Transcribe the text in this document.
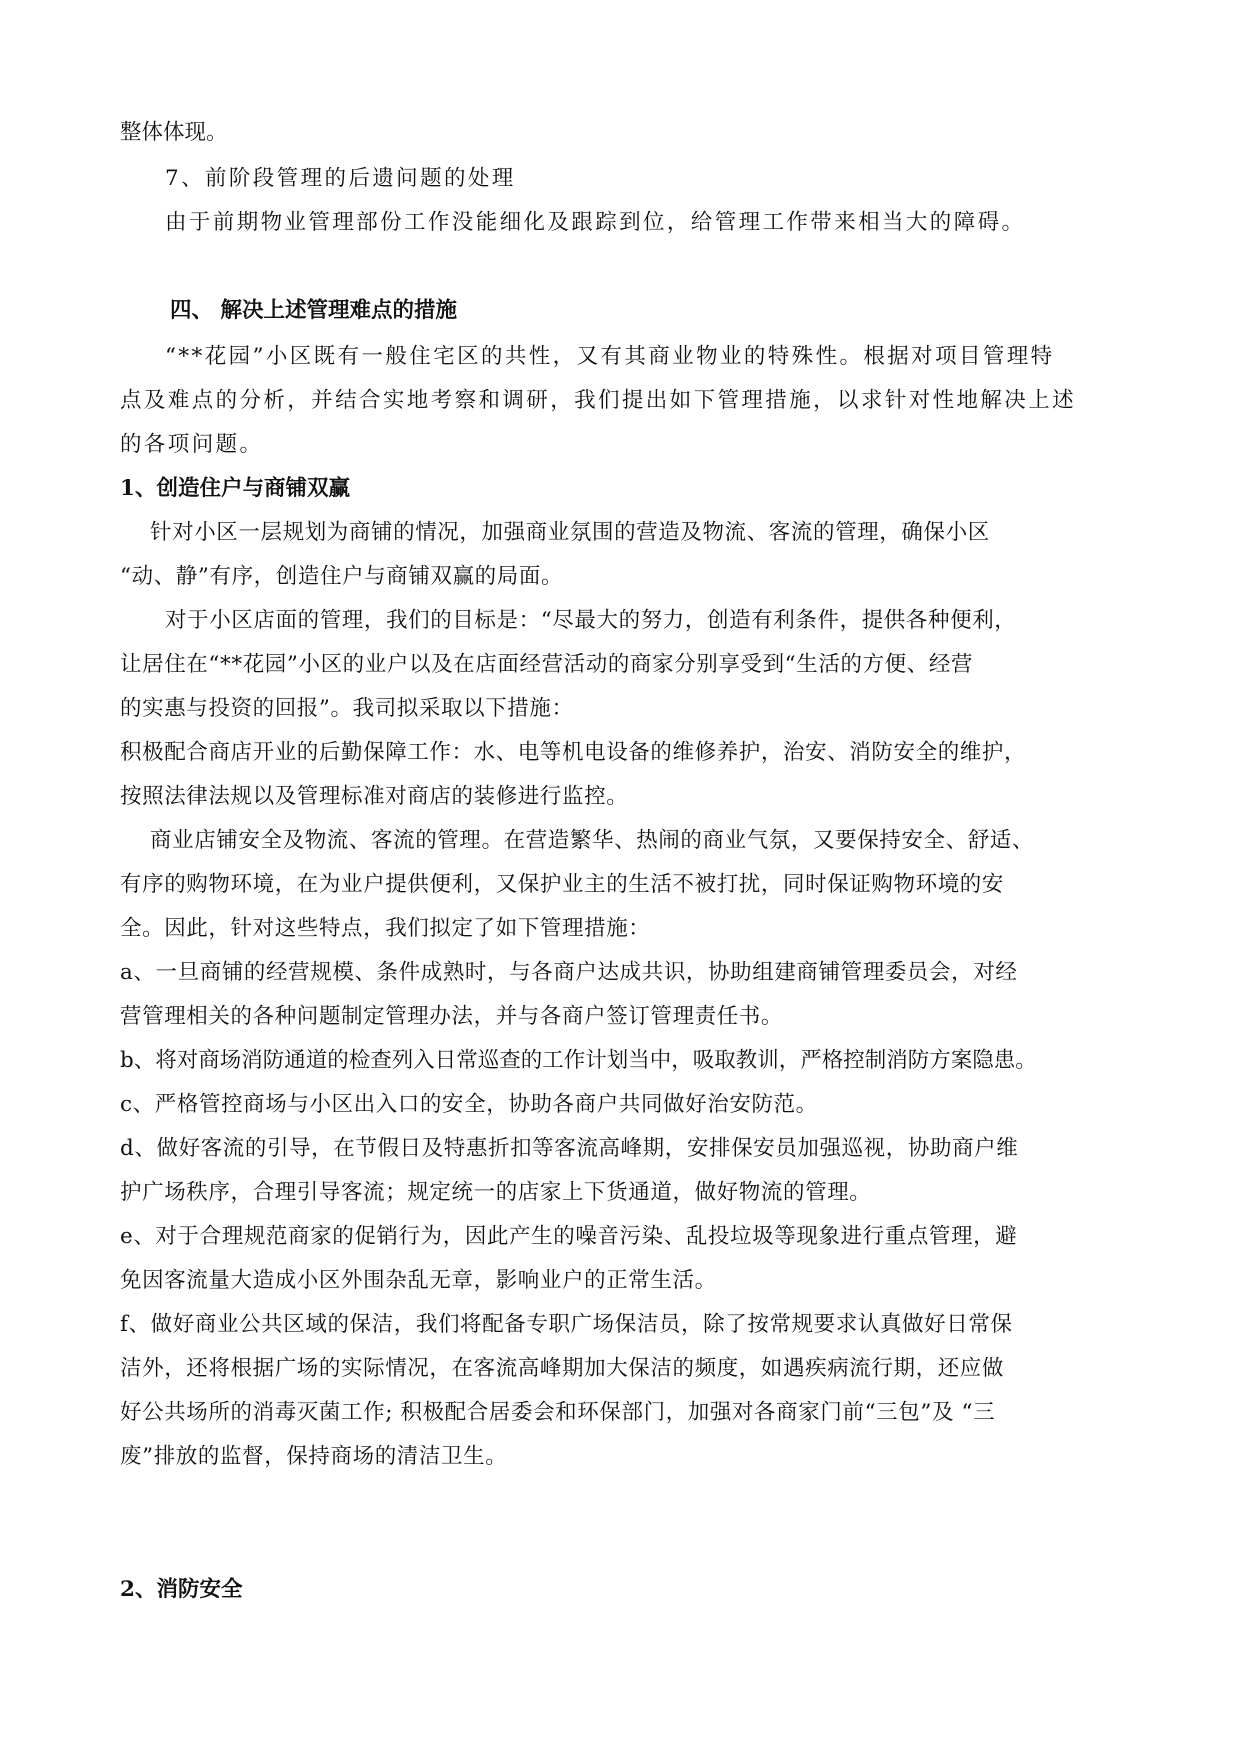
整体体现。
7、前阶段管理的后遗问题的处理
由于前期物业管理部份工作没能细化及跟踪到位，给管理工作带来相当大的障碍。
四、 解决上述管理难点的措施
“**花园”小区既有一般住宅区的共性，又有其商业物业的特殊性。根据对项目管理特
点及难点的分析，并结合实地考察和调研，我们提出如下管理措施，以求针对性地解决上述
的各项问题。
1、创造住户与商铺双赢
针对小区一层规划为商铺的情况，加强商业氛围的营造及物流、客流的管理，确保小区
“动、静”有序，创造住户与商铺双赢的局面。
对于小区店面的管理，我们的目标是：“尽最大的努力，创造有利条件，提供各种便利，
让居住在“**花园”小区的业户以及在店面经营活动的商家分别享受到“生活的方便、经营
的实惠与投资的回报”。我司拟采取以下措施：
积极配合商店开业的后勤保障工作：水、电等机电设备的维修养护，治安、消防安全的维护，
按照法律法规以及管理标准对商店的装修进行监控。
商业店铺安全及物流、客流的管理。在营造繁华、热闹的商业气氛，又要保持安全、舒适、
有序的购物环境，在为业户提供便利，又保护业主的生活不被打扰，同时保证购物环境的安
全。因此，针对这些特点，我们拟定了如下管理措施：
a、一旦商铺的经营规模、条件成熟时，与各商户达成共识，协助组建商铺管理委员会，对经
营管理相关的各种问题制定管理办法，并与各商户签订管理责任书。
b、将对商场消防通道的检查列入日常巡查的工作计划当中，吸取教训，严格控制消防方案隐患。
c、严格管控商场与小区出入口的安全，协助各商户共同做好治安防范。
d、做好客流的引导，在节假日及特惠折扣等客流高峰期，安排保安员加强巡视，协助商户维
护广场秩序，合理引导客流；规定统一的店家上下货通道，做好物流的管理。
e、对于合理规范商家的促销行为，因此产生的噪音污染、乱投垃圾等现象进行重点管理，避
免因客流量大造成小区外围杂乱无章，影响业户的正常生活。
f、做好商业公共区域的保洁，我们将配备专职广场保洁员，除了按常规要求认真做好日常保
洁外，还将根据广场的实际情况，在客流高峰期加大保洁的频度，如遇疾病流行期，还应做
好公共场所的消毒灭菌工作; 积极配合居委会和环保部门，加强对各商家门前“三包”及 “三
废”排放的监督，保持商场的清洁卫生。
2、消防安全
